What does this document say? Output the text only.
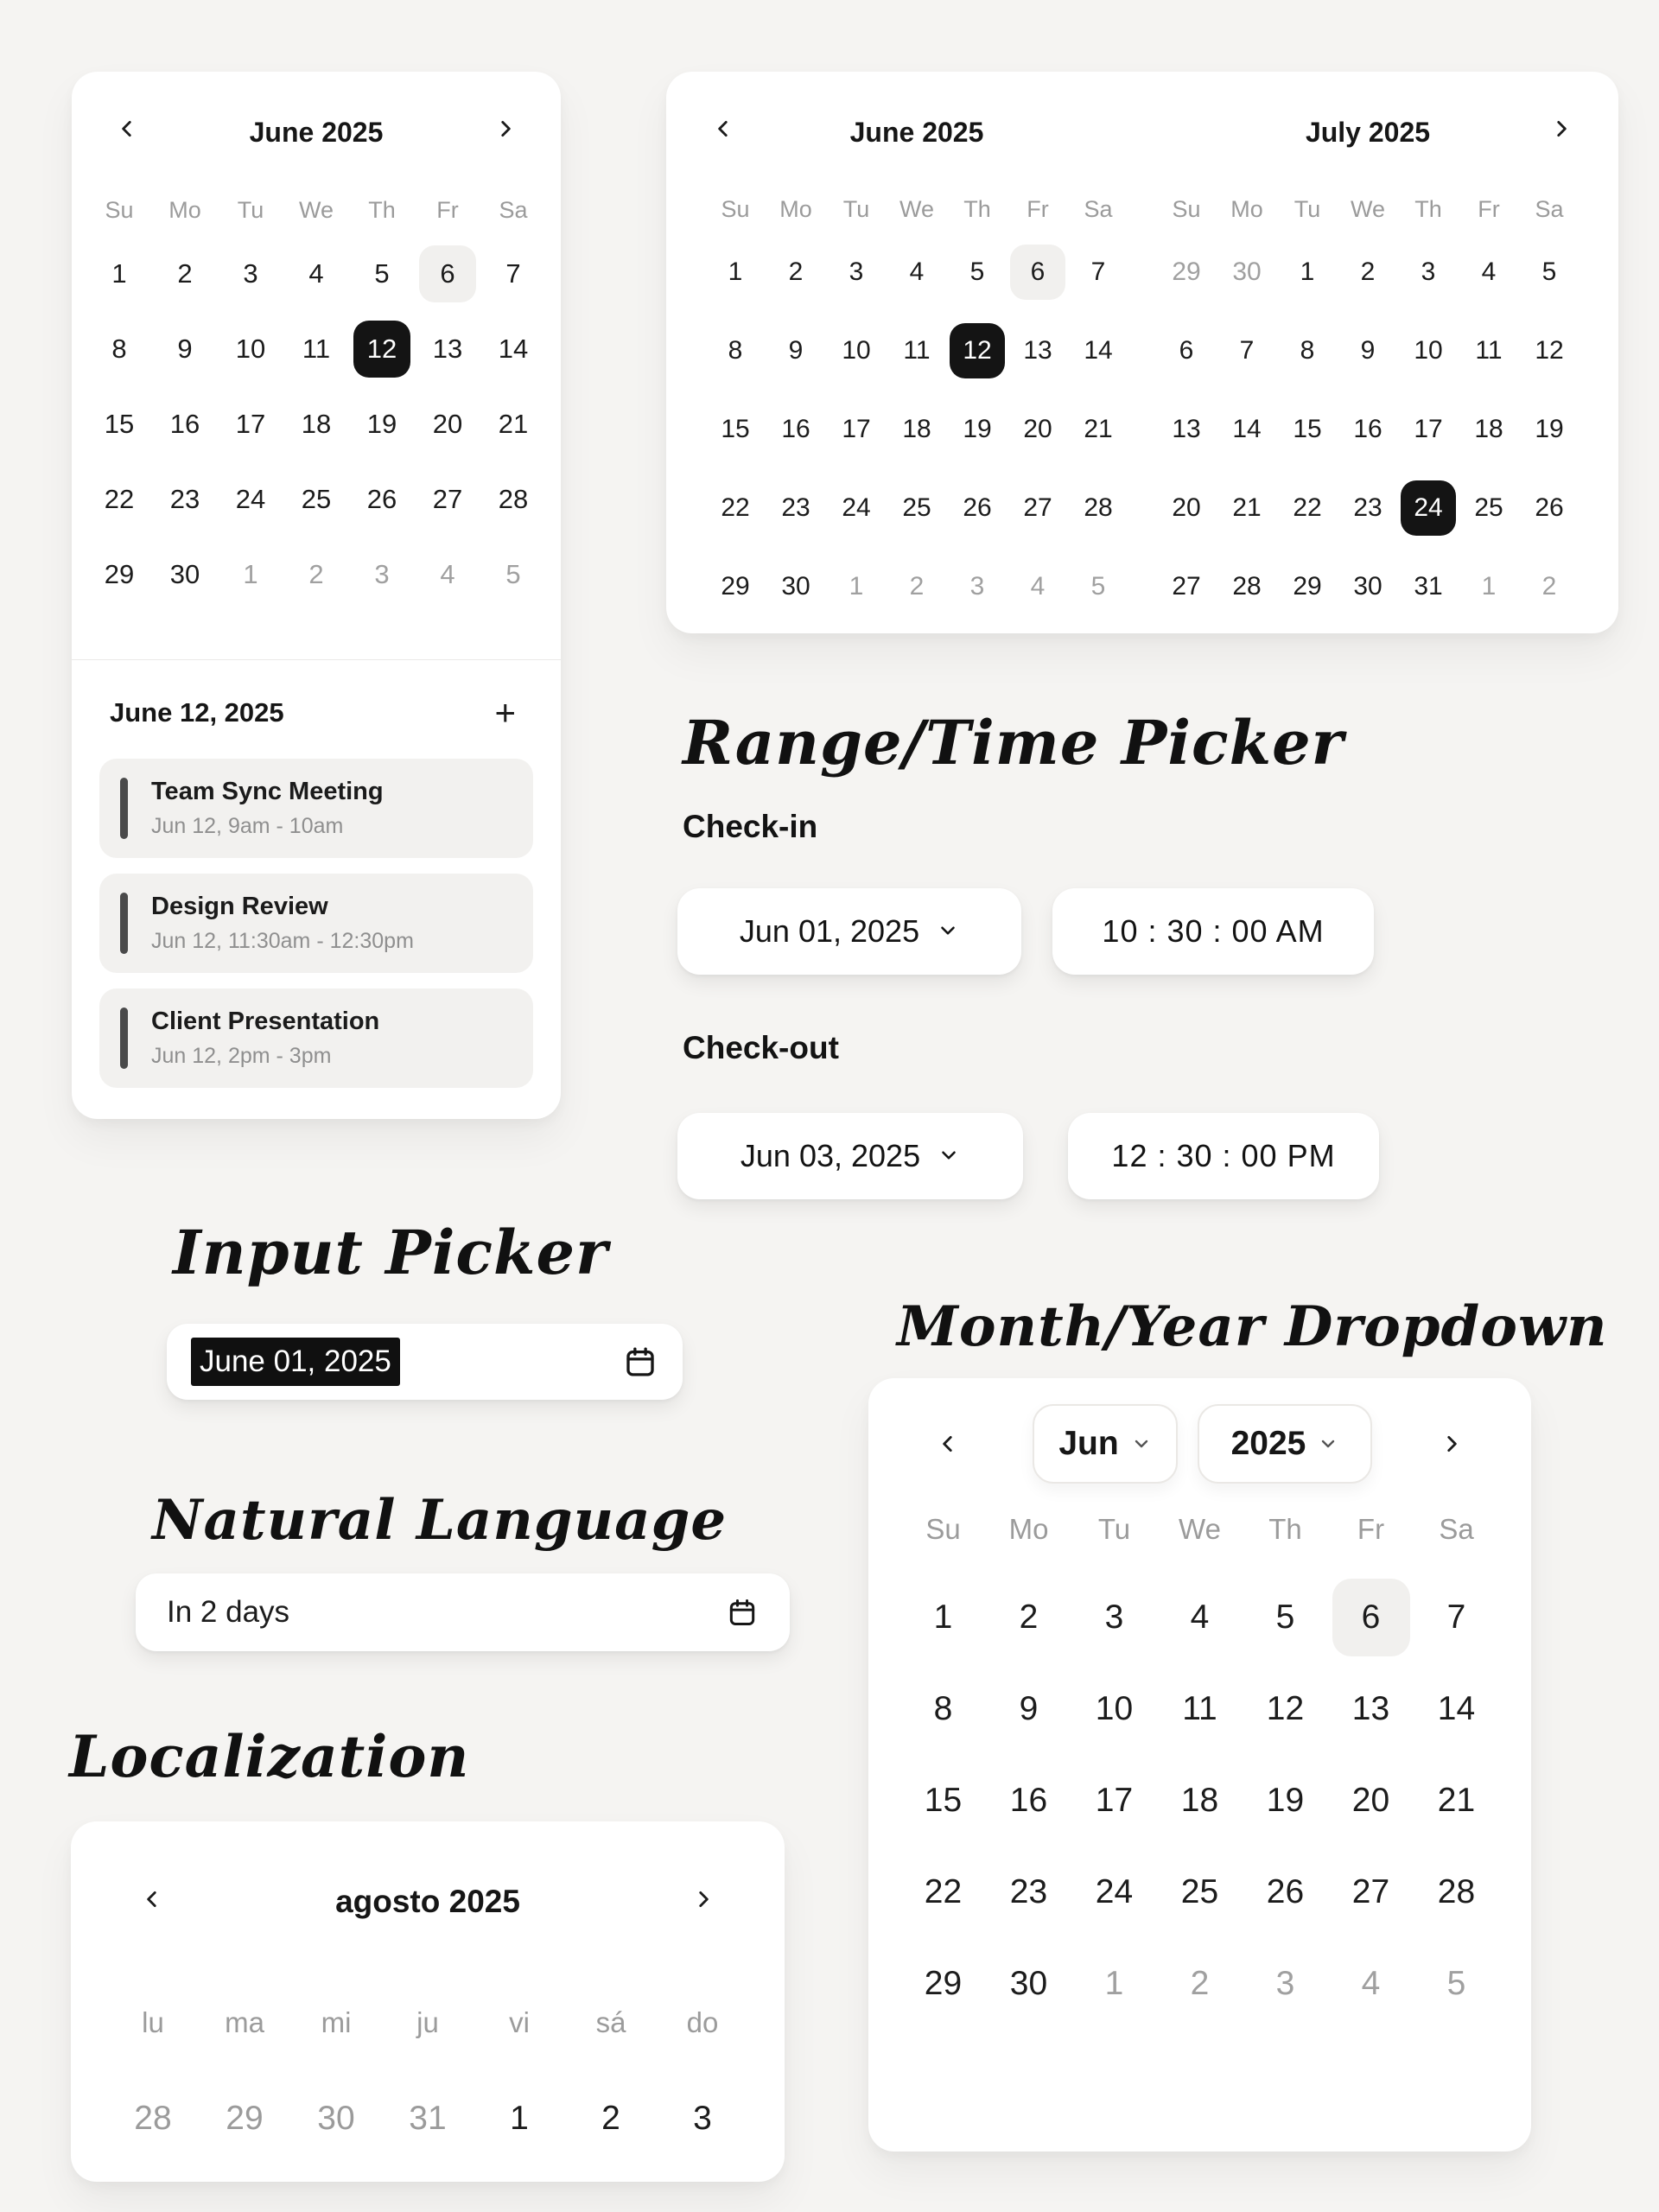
June 2025
Su	Mo	Tu	We	Th	Fr	Sa
1	2	3	4	5	6	7
8	9	10	11	12	13	14
15	16	17	18	19	20	21
22	23	24	25	26	27	28
29	30	1	2	3	4	5
June 12, 2025	+
Team Sync Meeting
Jun 12, 9am - 10am
Design Review
Jun 12, 11:30am - 12:30pm
Client Presentation
Jun 12, 2pm - 3pm
June 2025	July 2025
Su	Mo	Tu	We	Th	Fr	Sa	Su	Mo	Tu	We	Th	Fr	Sa
1	2	3	4	5	6	7
8	9	10	11	12	13	14
15	16	17	18	19	20	21
22	23	24	25	26	27	28
29	30	1	2	3	4	5
29	30	1	2	3	4	5
6	7	8	9	10	11	12
13	14	15	16	17	18	19
20	21	22	23	24	25	26
27	28	29	30	31	1	2
Range/Time Picker
Check-in
Jun 01, 2025	10 : 30 : 00 AM
Check-out
Jun 03, 2025	12 : 30 : 00 PM
Input Picker
June 01, 2025
Natural Language
In 2 days
Month/Year Dropdown
Jun	2025
Su	Mo	Tu	We	Th	Fr	Sa
1	2	3	4	5	6	7
8	9	10	11	12	13	14
15	16	17	18	19	20	21
22	23	24	25	26	27	28
29	30	1	2	3	4	5
Localization
agosto 2025
lu	ma	mi	ju	vi	sá	do
28	29	30	31	1	2	3
